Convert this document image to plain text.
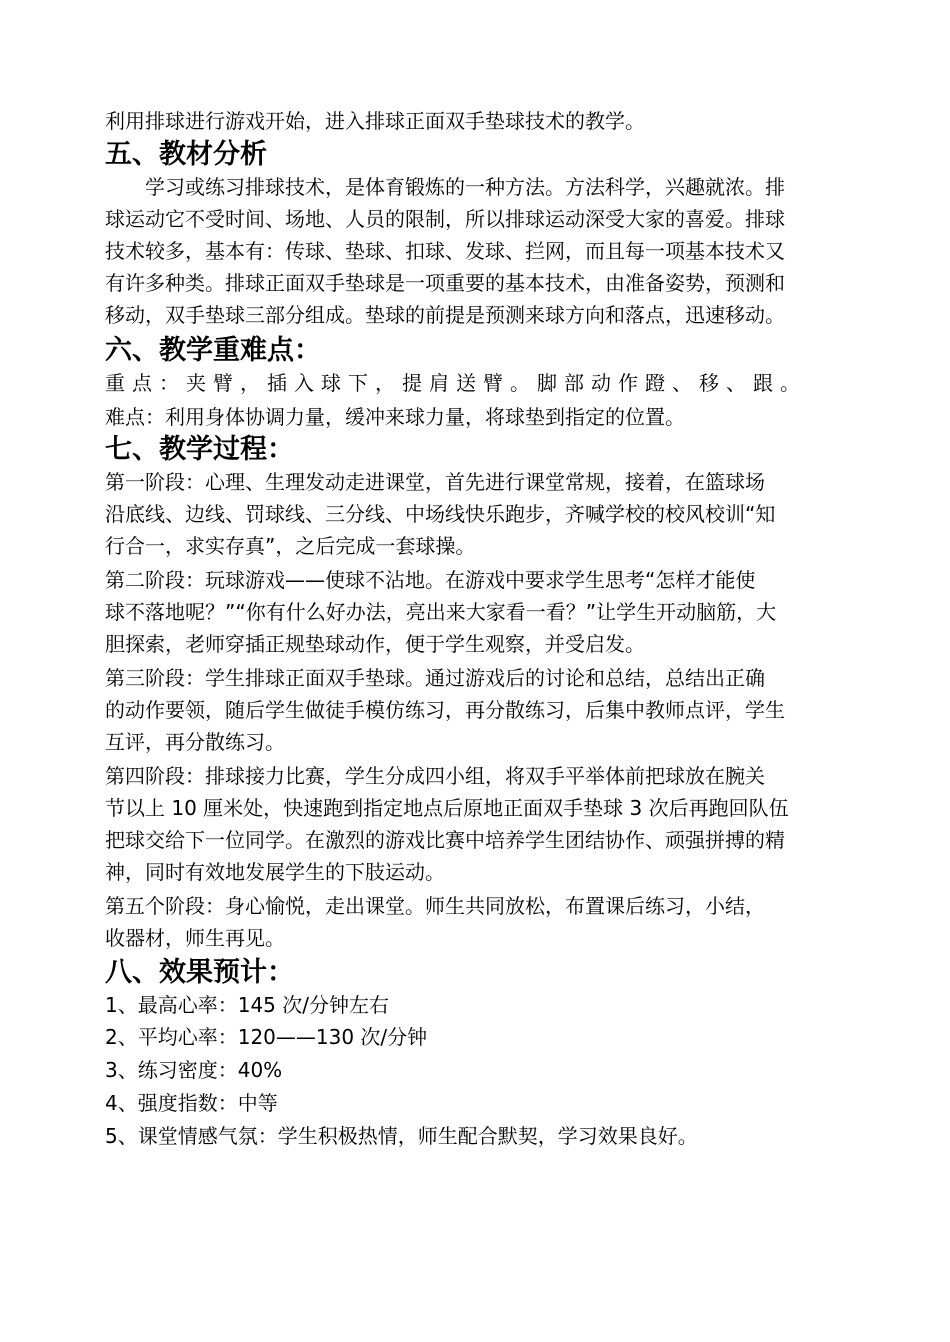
利用排球进行游戏开始，进入排球正面双手垫球技术的教学。
五、教材分析
　　学习或练习排球技术，是体育锻炼的一种方法。方法科学，兴趣就浓。排
球运动它不受时间、场地、人员的限制，所以排球运动深受大家的喜爱。排球
技术较多，基本有：传球、垫球、扣球、发球、拦网，而且每一项基本技术又
有许多种类。排球正面双手垫球是一项重要的基本技术，由准备姿势，预测和
移动，双手垫球三部分组成。垫球的前提是预测来球方向和落点，迅速移动。
六、教学重难点：
重点：夹臂，插入球下，提肩送臂。脚部动作蹬、移、跟。
难点：利用身体协调力量，缓冲来球力量，将球垫到指定的位置。
七、教学过程：
第一阶段：心理、生理发动走进课堂，首先进行课堂常规，接着，在篮球场
沿底线、边线、罚球线、三分线、中场线快乐跑步，齐喊学校的校风校训“知
行合一，求实存真”，之后完成一套球操。
第二阶段：玩球游戏——使球不沾地。在游戏中要求学生思考“怎样才能使
球不落地呢？”“你有什么好办法，亮出来大家看一看？”让学生开动脑筋，大
胆探索，老师穿插正规垫球动作，便于学生观察，并受启发。
第三阶段：学生排球正面双手垫球。通过游戏后的讨论和总结，总结出正确
的动作要领，随后学生做徒手模仿练习，再分散练习，后集中教师点评，学生
互评，再分散练习。
第四阶段：排球接力比赛，学生分成四小组，将双手平举体前把球放在腕关
节以上 10 厘米处，快速跑到指定地点后原地正面双手垫球 3 次后再跑回队伍
把球交给下一位同学。在激烈的游戏比赛中培养学生团结协作、顽强拼搏的精
神，同时有效地发展学生的下肢运动。
第五个阶段：身心愉悦，走出课堂。师生共同放松，布置课后练习，小结，
收器材，师生再见。
八、效果预计：
1、最高心率：145 次/分钟左右
2、平均心率：120——130 次/分钟
3、练习密度：40%
4、强度指数：中等
5、课堂情感气氛：学生积极热情，师生配合默契，学习效果良好。
